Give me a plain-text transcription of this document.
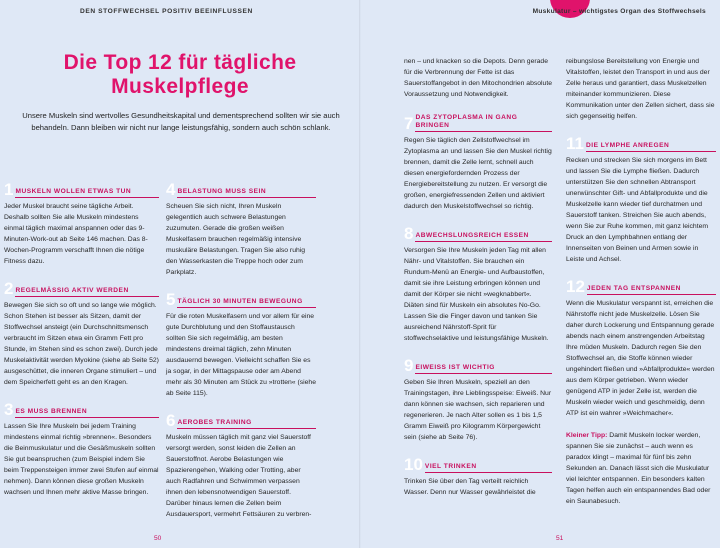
DEN STOFFWECHSEL POSITIV BEEINFLUSSEN
Die Top 12 für tägliche
Muskelpflege
Unsere Muskeln sind wertvolles Gesundheitskapital und dementsprechend sollten wir sie auch behandeln. Dann bleiben wir nicht nur lange leistungsfähig, sondern auch schön schlank.
1 MUSKELN WOLLEN ETWAS TUN

Jeder Muskel braucht seine tägliche Arbeit. Deshalb sollten Sie alle Muskeln mindestens einmal täglich maximal anspannen oder das 9-Minuten-Work-out ab Seite 146 machen. Das 8-Wochen-Programm verschafft Ihnen die nötige Fitness dazu.

2 REGELMÄSSIG AKTIV WERDEN

Bewegen Sie sich so oft und so lange wie möglich. Schon Stehen ist besser als Sitzen, damit der Stoffwechsel ansteigt (ein Durchschnittsmensch verbraucht im Sitzen etwa ein Gramm Fett pro Stunde, im Stehen sind es schon zwei). Durch jede Muskelaktivität werden Myokine (siehe ab Seite 52) ausgeschüttet, die inneren Organe stimuliert – und dem Speicherfett geht es an den Kragen.

3 ES MUSS BRENNEN

Lassen Sie Ihre Muskeln bei jedem Training mindestens einmal richtig »brennen«. Besonders die Beinmuskulatur und die Gesäßmuskeln sollten Sie gut beanspruchen (zum Beispiel indem Sie beim Treppensteigen immer zwei Stufen auf einmal nehmen). Dann können diese großen Muskeln wachsen und Ihnen mehr aktive Masse bringen.

4 BELASTUNG MUSS SEIN

Scheuen Sie sich nicht, Ihren Muskeln gelegentlich auch schwere Belastungen zuzumuten. Gerade die großen weißen Muskelfasern brauchen regelmäßig intensive muskuläre Belastungen. Tragen Sie also ruhig den Wasserkasten die Treppe hoch oder zum Parkplatz.

5 TÄGLICH 30 MINUTEN BEWEGUNG

Für die roten Muskelfasern und vor allem für eine gute Durchblutung und den Stoffaustausch sollten Sie sich regelmäßig, am besten mindestens dreimal täglich, zehn Minuten ausdauernd bewegen. Vielleicht schaffen Sie es ja sogar, in der Mittagspause oder am Abend mehr als 30 Minuten am Stück zu »trotten« (siehe ab Seite 115).

6 AEROBES TRAINING

Muskeln müssen täglich mit ganz viel Sauerstoff versorgt werden, sonst leiden die Zellen an Sauerstoffnot. Aerobe Belastungen wie Spazierengehen, Walking oder Trotting, aber auch Radfahren und Schwimmen verpassen ihnen den lebensnotwendigen Sauerstoff. Darüber hinaus lernen die Zellen beim Ausdauersport, vermehrt Fettsäuren zu verbren-

50
Muskulatur – wichtigstes Organ des Stoffwechsels

nen – und knacken so die Depots. Denn gerade für die Verbrennung der Fette ist das Sauerstoffangebot in den Mitochondrien absolute Voraussetzung und Notwendigkeit.

7 DAS ZYTOPLASMA IN GANG BRINGEN

Regen Sie täglich den Zellstoffwechsel im Zytoplasma an und lassen Sie den Muskel richtig brennen, damit die Zelle lernt, schnell auch diesen energiefordernden Prozess der Energiebereitstellung zu nutzen. Er versorgt die großen, energiefressenden Zellen und aktiviert dadurch den Muskelstoffwechsel so richtig.

8 ABWECHSLUNGSREICH ESSEN

Versorgen Sie Ihre Muskeln jeden Tag mit allen Nähr- und Vitalstoffen. Sie brauchen ein Rundum-Menü an Energie- und Aufbaustoffen, damit sie ihre Leistung erbringen können und damit der Körper sie nicht »wegknabbert«. Diäten sind für Muskeln ein absolutes No-Go. Lassen Sie die Finger davon und tanken Sie ausreichend Nährstoff-Sprit für stoffwechselaktive und leistungsfähige Muskeln.

9 EIWEISS IST WICHTIG

Geben Sie Ihren Muskeln, speziell an den Trainingstagen, ihre Lieblingsspeise: Eiweiß. Nur dann können sie wachsen, sich reparieren und regenerieren. Je nach Alter sollen es 1 bis 1,5 Gramm Eiweiß pro Kilogramm Körpergewicht sein (siehe ab Seite 76).

10 VIEL TRINKEN

Trinken Sie über den Tag verteilt reichlich Wasser. Denn nur Wasser gewährleistet die

reibungslose Bereitstellung von Energie und Vitalstoffen, leistet den Transport in und aus der Zelle heraus und garantiert, dass Muskelzellen miteinander kommunizieren. Diese Kommunikation unter den Zellen sichert, dass sie sich gegenseitig helfen.

11 DIE LYMPHE ANREGEN

Recken und strecken Sie sich morgens im Bett und lassen Sie die Lymphe fließen. Dadurch unterstützen Sie den schnellen Abtransport unerwünschter Gift- und Abfallprodukte und die Muskelzelle kann wieder tief durchatmen und Sauerstoff tanken. Streichen Sie auch abends, wenn Sie zur Ruhe kommen, mit ganz leichtem Druck an den Lymphbahnen entlang der Innenseiten von Beinen und Armen sowie in Leiste und Achsel.

12 JEDEN TAG ENTSPANNEN

Wenn die Muskulatur verspannt ist, erreichen die Nährstoffe nicht jede Muskelzelle. Lösen Sie daher durch Lockerung und Entspannung gerade abends nach einem anstrengenden Arbeitstag Ihre müden Muskeln. Dadurch regen Sie den Stoffwechsel an, die Stoffe können wieder ungehindert fließen und »Abfallprodukte« werden aus dem Körper getrieben. Wenn wieder genügend ATP in jeder Zelle ist, werden die Muskeln wieder weich und geschmeidig, denn ATP ist ein wahrer »Weichmacher«.

Kleiner Tipp: Damit Muskeln locker werden, spannen Sie sie zunächst – auch wenn es paradox klingt – maximal für fünf bis zehn Sekunden an. Danach lässt sich die Muskulatur viel leichter entspannen. Ein besonders kalten Tagen helfen auch ein entspannendes Bad oder ein Saunabesuch.

51
